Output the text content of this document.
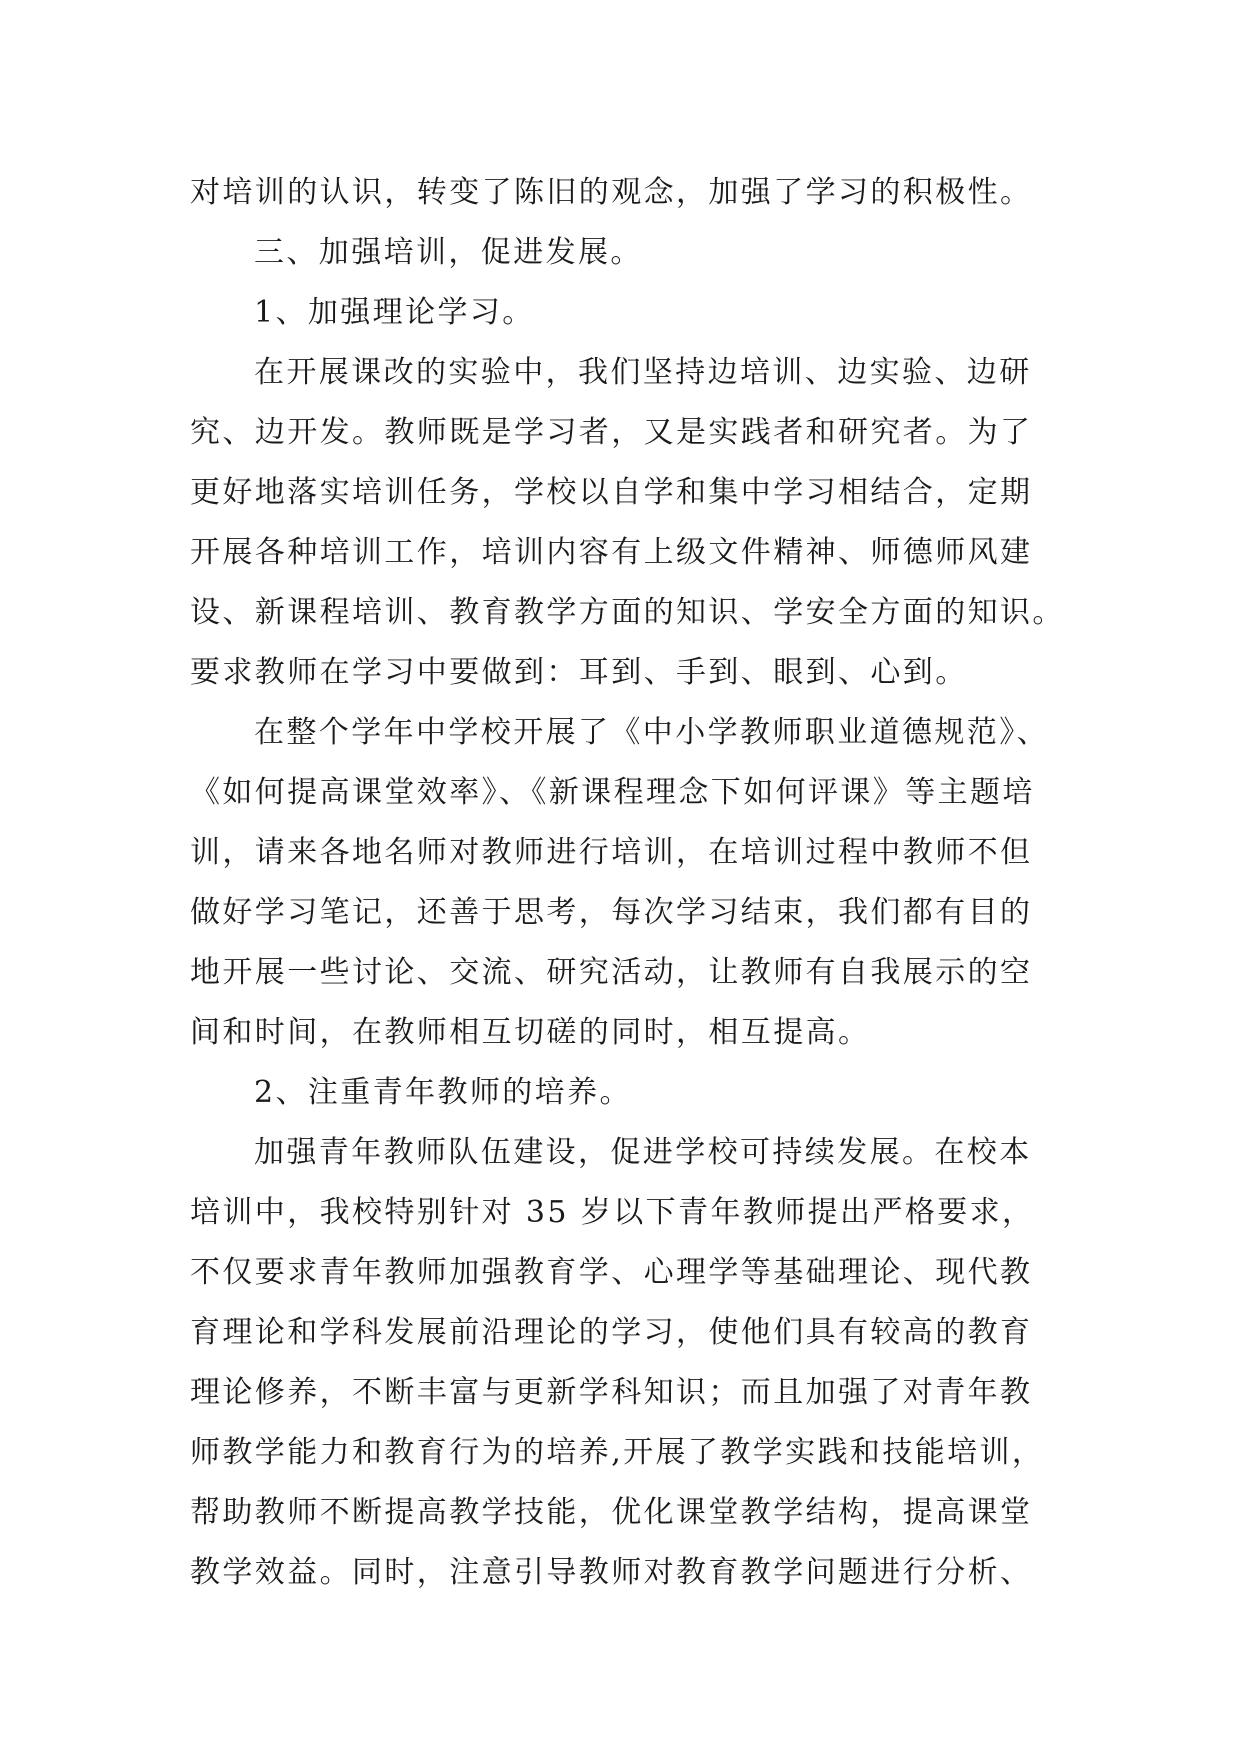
对培训的认识，转变了陈旧的观念，加强了学习的积极性。
三、加强培训，促进发展。
1、加强理论学习。
在开展课改的实验中，我们坚持边培训、边实验、边研
究、边开发。教师既是学习者，又是实践者和研究者。为了
更好地落实培训任务，学校以自学和集中学习相结合，定期
开展各种培训工作，培训内容有上级文件精神、师德师风建
设、新课程培训、教育教学方面的知识、学安全方面的知识。
要求教师在学习中要做到：耳到、手到、眼到、心到。
在整个学年中学校开展了《中小学教师职业道德规范》、
《如何提高课堂效率》、《新课程理念下如何评课》等主题培
训，请来各地名师对教师进行培训，在培训过程中教师不但
做好学习笔记，还善于思考，每次学习结束，我们都有目的
地开展一些讨论、交流、研究活动，让教师有自我展示的空
间和时间，在教师相互切磋的同时，相互提高。
2、注重青年教师的培养。
加强青年教师队伍建设，促进学校可持续发展。在校本
培训中，我校特别针对 35 岁以下青年教师提出严格要求，
不仅要求青年教师加强教育学、心理学等基础理论、现代教
育理论和学科发展前沿理论的学习，使他们具有较高的教育
理论修养，不断丰富与更新学科知识；而且加强了对青年教
师教学能力和教育行为的培养,开展了教学实践和技能培训，
帮助教师不断提高教学技能，优化课堂教学结构，提高课堂
教学效益。同时，注意引导教师对教育教学问题进行分析、
